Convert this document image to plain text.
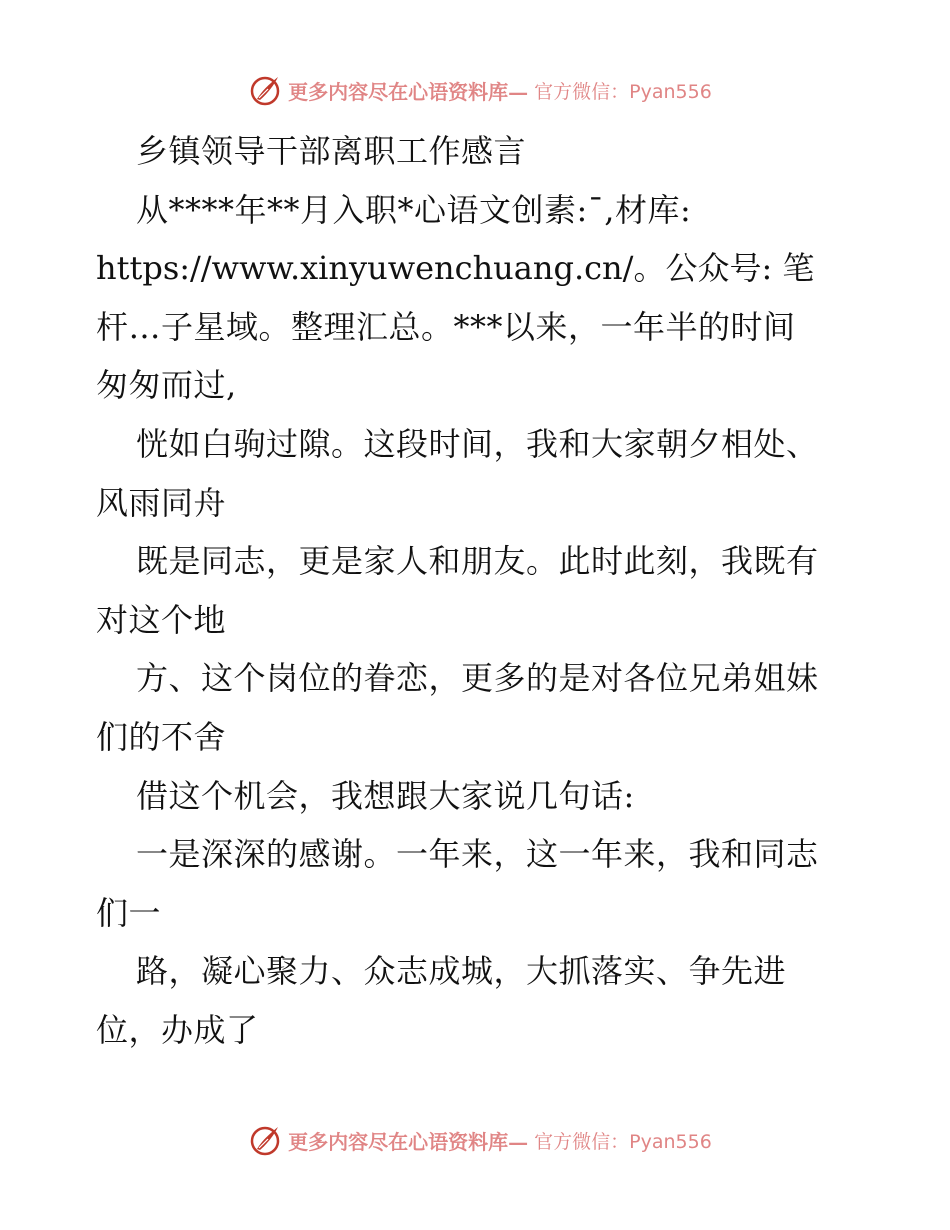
更多内容尽在心语资料库— 官方微信：Pyan556
乡镇领导干部离职工作感言
从****年**月入职*心语文创素:¯,材库:
https://www.xinyuwenchuang.cn/。公众号: 笔
杆…子星域。整理汇总。***以来，一年半的时间
匆匆而过,
恍如白驹过隙。这段时间，我和大家朝夕相处、
风雨同舟
既是同志，更是家人和朋友。此时此刻，我既有
对这个地
方、这个岗位的眷恋，更多的是对各位兄弟姐妹
们的不舍
借这个机会，我想跟大家说几句话:
一是深深的感谢。一年来，这一年来，我和同志
们一
路，凝心聚力、众志成城，大抓落实、争先进
位，办成了
更多内容尽在心语资料库— 官方微信：Pyan556
